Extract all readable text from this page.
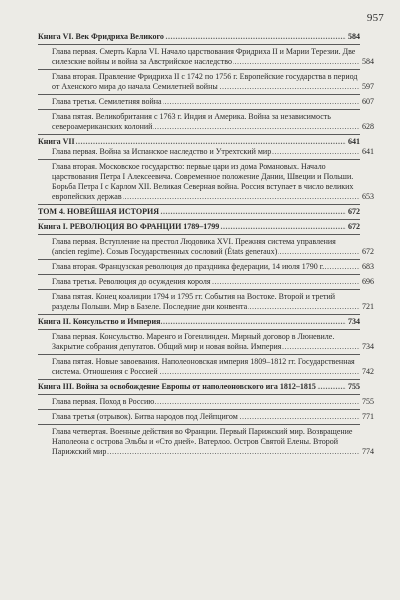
957
Книга VI. Век Фридриха Великого .....	584
Глава первая. Смерть Карла VI. Начало царствования Фридриха II и Марии Терезии. Две силезские войны и война за Австрийское наследство .....	584
Глава вторая. Правление Фридриха II с 1742 по 1756 г. Европейские государства в период от Ахенского мира до начала Семилетней войны .....	597
Глава третья. Семилетняя война .....	607
Глава пятая. Великобритания с 1763 г. Индия и Америка. Война за независимость североамериканских колоний .....	628
Книга VII .....	641
Глава первая. Война за Испанское наследство и Утрехтский мир .....	641
Глава вторая. Московское государство: первые цари из дома Романовых. Начало царствования Петра I Алексеевича. Современное положение Дании, Швеции и Польши. Борьба Петра I с Карлом XII. Великая Северная война. Россия вступает в число великих европейских держав .....	653
ТОМ 4. НОВЕЙШАЯ ИСТОРИЯ .....	672
Книга I. РЕВОЛЮЦИЯ ВО ФРАНЦИИ 1789–1799 .....	672
Глава первая. Вступление на престол Людовика XVI. Прежняя система управления (ancien regime). Созыв Государственных сословий (États generaux) .....	672
Глава вторая. Французская революция до праздника федерации, 14 июля 1790 г. .....	683
Глава третья. Революция до осуждения короля .....	696
Глава пятая. Конец коалиции 1794 и 1795 гг. События на Востоке. Второй и третий разделы Польши. Мир в Базеле. Последние дни конвента .....	721
Книга II. Консульство и Империя .....	734
Глава первая. Консульство. Маренго и Гогенлинден. Мирный договор в Люневиле. Закрытие собрания депутатов. Общий мир и новая война. Империя .....	734
Глава пятая. Новые завоевания. Наполеоновская империя 1809–1812 гг. Государственная система. Отношения с Россией .....	742
Книга III. Война за освобождение Европы от наполеоновского ига 1812–1815 .....	755
Глава первая. Поход в Россию .....	755
Глава третья (отрывок). Битва народов под Лейпцигом .....	771
Глава четвертая. Военные действия во Франции. Первый Парижский мир. Возвращение Наполеона с острова Эльбы и «Сто дней». Ватерлоо. Остров Святой Елены. Второй Парижский мир .....	774
